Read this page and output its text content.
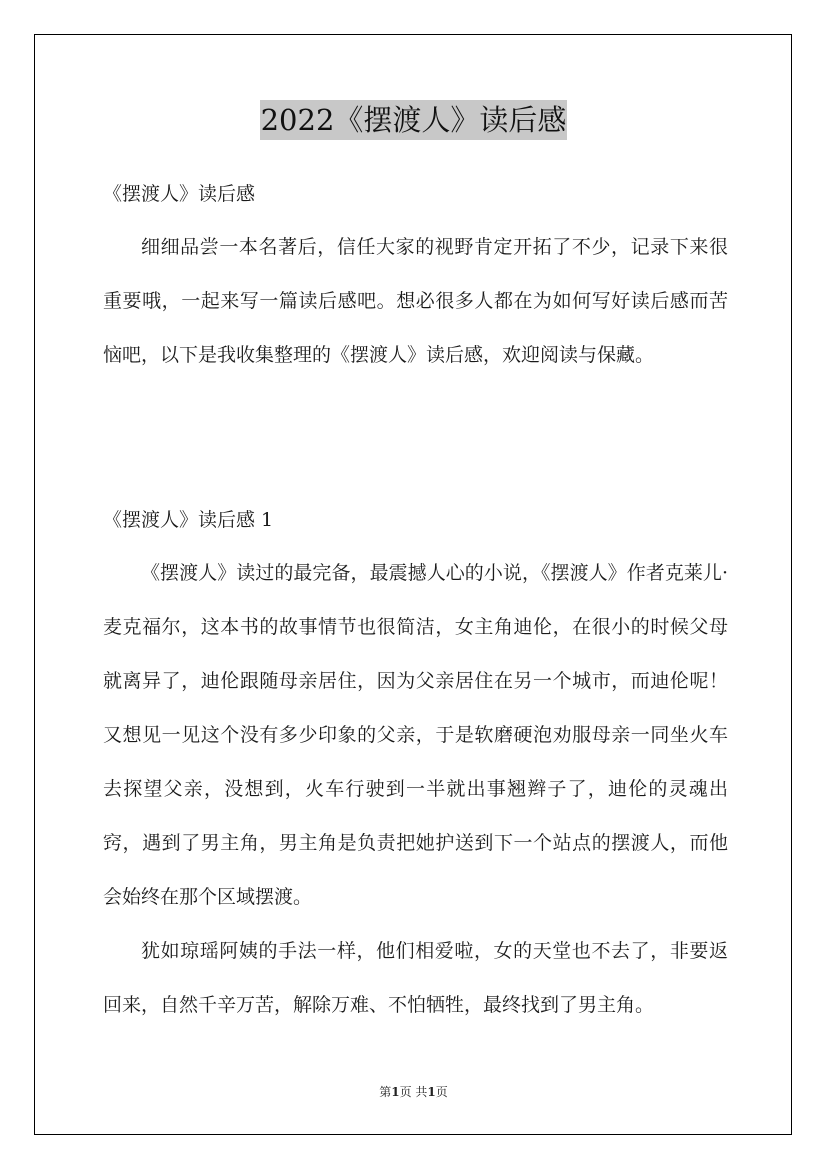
2022《摆渡人》读后感
《摆渡人》读后感

细细品尝一本名著后，信任大家的视野肯定开拓了不少，记录下来很重要哦，一起来写一篇读后感吧。想必很多人都在为如何写好读后感而苦恼吧，以下是我收集整理的《摆渡人》读后感，欢迎阅读与保藏。

《摆渡人》读后感 1

《摆渡人》读过的最完备，最震撼人心的小说，《摆渡人》作者克莱儿·麦克福尔，这本书的故事情节也很简洁，女主角迪伦，在很小的时候父母就离异了，迪伦跟随母亲居住，因为父亲居住在另一个城市，而迪伦呢！又想见一见这个没有多少印象的父亲，于是软磨硬泡劝服母亲一同坐火车去探望父亲，没想到，火车行驶到一半就出事翘辫子了，迪伦的灵魂出窍，遇到了男主角，男主角是负责把她护送到下一个站点的摆渡人，而他会始终在那个区域摆渡。

犹如琼瑶阿姨的手法一样，他们相爱啦，女的天堂也不去了，非要返回来，自然千辛万苦，解除万难、不怕牺牲，最终找到了男主角。

第1页 共1页
